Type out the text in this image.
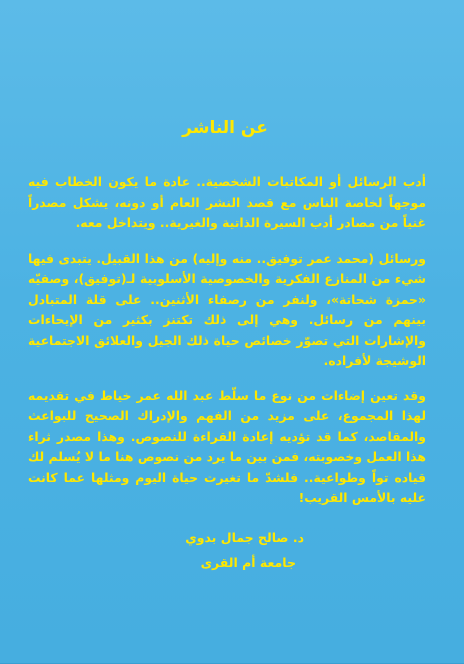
عن الناشر

أدب الرسائل أو المكاتبات الشخصية.. عادة ما يكون الخطاب فيه موجهاً لخاصة الناس مع قصد النشر العام أو دونه، يشكل مصدراً غنياً من مصادر أدب السيرة الذاتية والغيرية.. ويتداخل معه.

ورسائل (محمد عمر توفيق.. منه وإليه) من هذا القبيل. يتبدى فيها شيء من المنازع الفكرية والخصوصية الأسلوبية لـ(توفيق)، وصفيّه «حمزة شحاتة»، ولنفر من رصفاء الأثنين.. على قلة المتبادل بينهم من رسائل. وهي إلى ذلك تكتنز بكثير من الإيحاءات والإشارات التي تصوّر خصائص حياة ذلك الجيل والعلائق الاجتماعية الوشيجة لأفراده.

وقد تعين إضاءات من نوع ما سلّط عبد الله عمر خياط في تقديمه لهذا المجموع، على مزيد من الفهم والإدراك الصحيح للبواعث والمقاصد، كما قد تؤديه إعادة القراءة للنصوص. وهذا مصدر ثراء هذا العمل وخصوبته، فمن بين ما يرد من نصوص هنا ما لا يُسلم لك قياده تواً وطواعية.. فلشدّ ما تغيرت حياة اليوم ومثلها عما كانت عليه بالأمس القريب!

د. صالح جمال بدوي
جامعة أم القرى
